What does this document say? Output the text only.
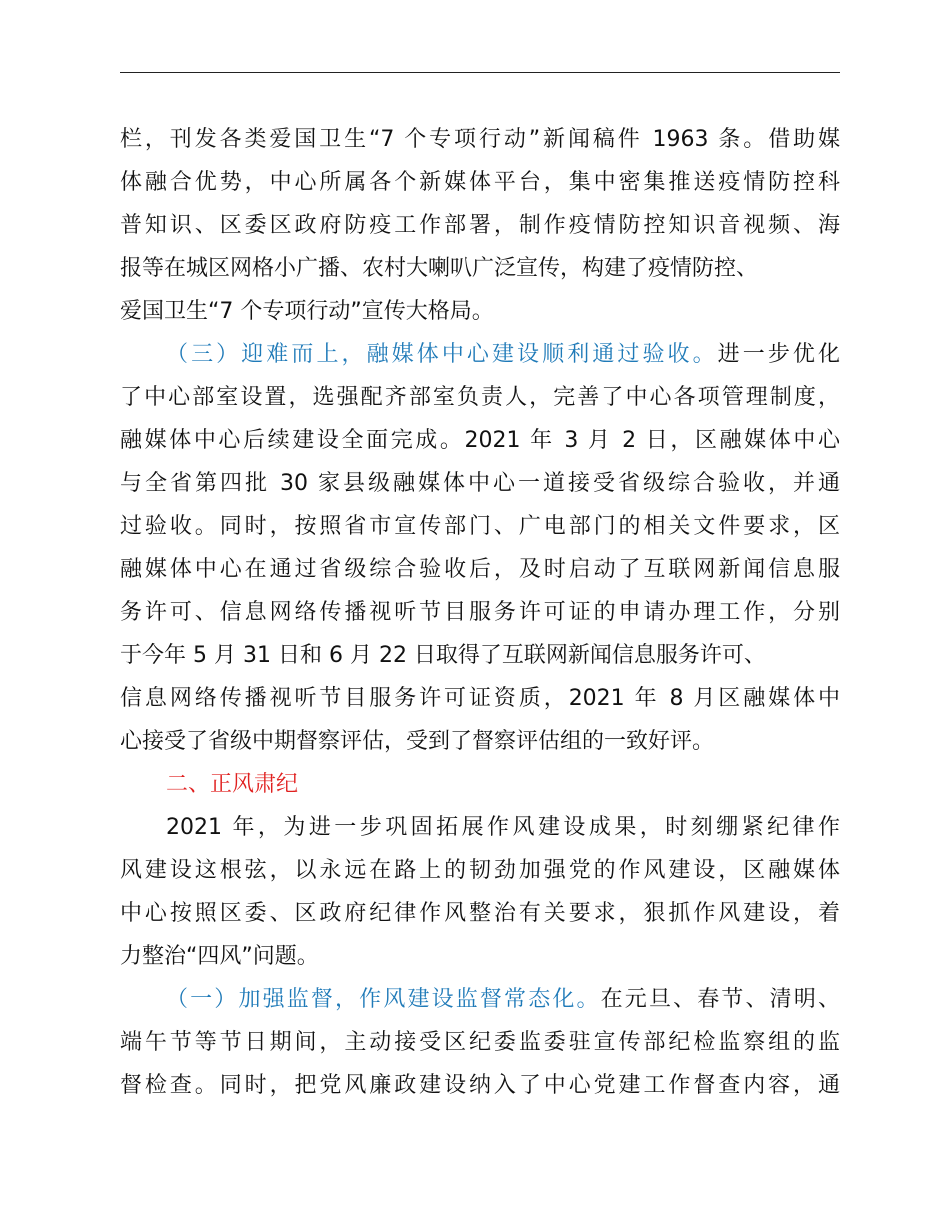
栏，刊发各类爱国卫生“7 个专项行动”新闻稿件 1963 条。借助媒
体融合优势，中心所属各个新媒体平台，集中密集推送疫情防控科
普知识、区委区政府防疫工作部署，制作疫情防控知识音视频、海
报等在城区网格小广播、农村大喇叭广泛宣传，构建了疫情防控、
爱国卫生“7 个专项行动”宣传大格局。
（三）迎难而上，融媒体中心建设顺利通过验收。进一步优化
了中心部室设置，选强配齐部室负责人，完善了中心各项管理制度，
融媒体中心后续建设全面完成。2021 年 3 月 2 日，区融媒体中心
与全省第四批 30 家县级融媒体中心一道接受省级综合验收，并通
过验收。同时，按照省市宣传部门、广电部门的相关文件要求，区
融媒体中心在通过省级综合验收后，及时启动了互联网新闻信息服
务许可、信息网络传播视听节目服务许可证的申请办理工作，分别
于今年 5 月 31 日和 6 月 22 日取得了互联网新闻信息服务许可、
信息网络传播视听节目服务许可证资质，2021 年 8 月区融媒体中
心接受了省级中期督察评估，受到了督察评估组的一致好评。
二、正风肃纪
2021 年，为进一步巩固拓展作风建设成果，时刻绷紧纪律作
风建设这根弦，以永远在路上的韧劲加强党的作风建设，区融媒体
中心按照区委、区政府纪律作风整治有关要求，狠抓作风建设，着
力整治“四风”问题。
（一）加强监督，作风建设监督常态化。在元旦、春节、清明、
端午节等节日期间，主动接受区纪委监委驻宣传部纪检监察组的监
督检查。同时，把党风廉政建设纳入了中心党建工作督查内容，通
